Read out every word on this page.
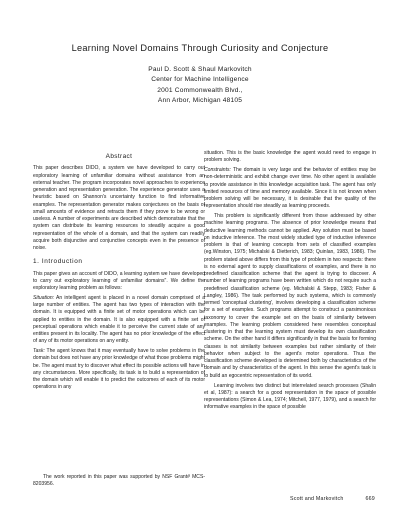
Learning Novel Domains Through Curiosity and Conjecture
Paul D. Scott & Shaul Markovitch
Center for Machine Intelligence
2001 Commonwealth Blvd.,
Ann Arbor, Michigan 48105
Abstract

This paper describes DIDO, a system we have developed to carry out exploratory learning of unfamiliar domains without assistance from an external teacher. The program incorporates novel approaches to experience generation and representation generation. The experience generator uses a heuristic based on Shannon's uncertainty function to find informative examples. The representation generator makes conjectures on the basis of small amounts of evidence and retracts them if they prove to be wrong or useless. A number of experiments are described which demonstrate that the system can distribute its learning resources to steadily acquire a good representation of the whole of a domain, and that the system can readily acquire both disjunctive and conjunctive concepts even in the presence of noise.

1. Introduction

This paper gives an account of DIDO, a learning system we have developed to carry out exploratory learning of unfamiliar domains". We define the exploratory learning problem as follows:

Situation: An intelligent agent is placed in a novel domain comprised of a large number of entities. The agent has two types of interaction with the domain. It is equipped with a finite set of motor operations which can be applied to entities in the domain. It is also equipped with a finite set of perceptual operations which enable it to perceive the current state of any entities present in its locality. The agent has no prior knowledge of the effect of any of its motor operations on any entity.

Task: The agent knows that it may eventually have to solve problems in the domain but does not have any prior knowledge of what those problems might be. The agent must try to discover what effect its possible actions will have in any circumstances. More specifically, its task is to build a representation of the domain which will enable it to predict the outcomes of each of its motor operations in any

The work reported in this paper was supported by NSF Grant# MCS-8203956.

situation. This is the basic knowledge the agent would need to engage in problem solving.

Constraints: The domain is very large and the behavior of entities may be non-deterministic and exhibit change over time. No other agent is available to provide assistance in this knowledge acquisition task. The agent has only limited resources of time and memory available. Since it is not known when problem solving will be necessary, it is desirable that the quality of the representation should rise steadily as learning proceeds.

This problem is significantly different from those addressed by other machine learning programs. The absence of prior knowledge means that deductive learning methods cannot be applied. Any solution must be based on inductive inference. The most widely studied type of inductive inference problem is that of learning concepts from sets of classified examples (eg.Winston, 1975; Michalski & Dietterich, 1983; Quinlan, 1983, 1986). The problem stated above differs from this type of problem in two respects: there is no external agent to supply classifications of examples, and there is no predefined classification scheme that the agent is trying to discover. A number of learning programs have been written which do not require such a predefined classification scheme (eg. Michalski & Stepp, 1983; Fisher & Langley, 1986). The task performed by such systems, which is commonly termed 'conceptual clustering', involves developing a classification scheme for a set of examples. Such programs attempt to construct a parsimonious taxonomy to cover the example set on the basis of similarity between examples. The learning problem considered here resembles conceptual clustering in that the learning system must develop its own classification scheme. On the other hand it differs significantly in that the basis for forming classes is not similarity between examples but rather similarity of their behavior when subject to the agent's motor operations. Thus the classification scheme developed is determined both by characteristics of the domain and by characteristics of the agent. In this sense the agent's task is to build an egocentric representation of its world.

Learning involves two distinct but interrelated search processes (Shalin et al, 1987): a search for a good representation in the space of possible representations (Simon & Lea, 1974; Mitchell, 1977, 1979), and a search for informative examples in the space of possible

Scott and Markovitch	669
